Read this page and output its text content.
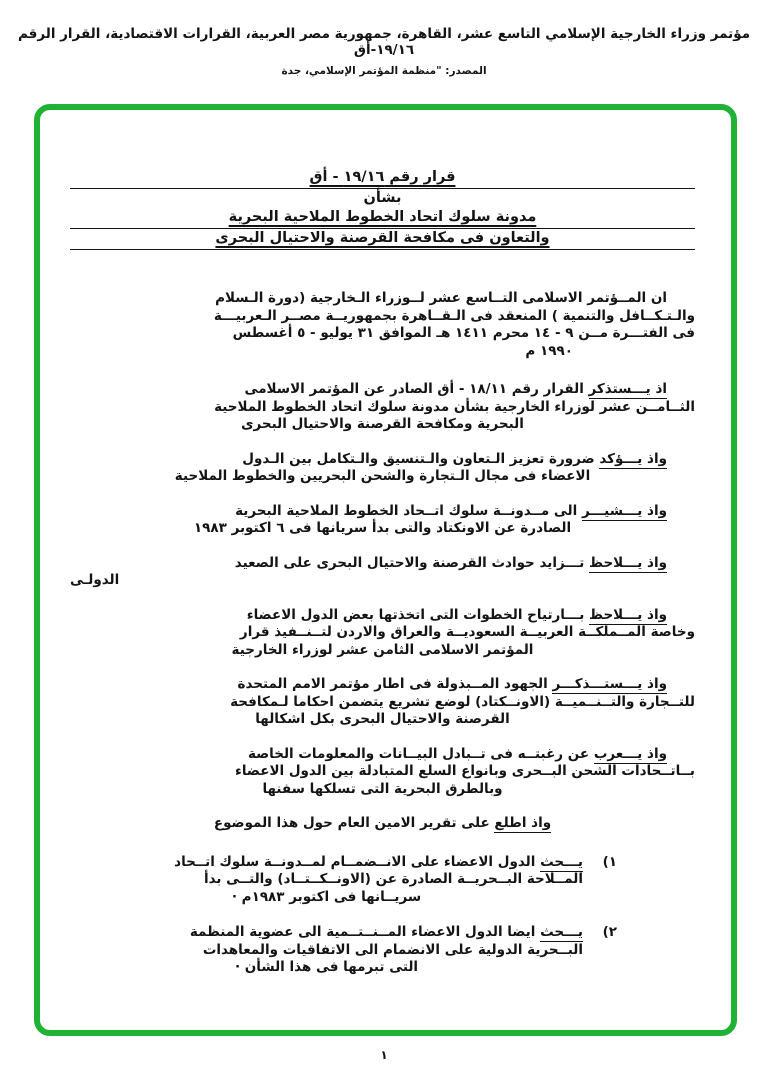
مؤتمر وزراء الخارجية الإسلامي التاسع عشر، القاهرة، جمهورية مصر العربية، القرارات الاقتصادية، القرار الرقم ١٩/١٦-أق
المصدر: "منظمة المؤتمر الإسلامي، جدة
قرار رقم ١٩/١٦ - أق
بشأن
مدونة سلوك اتحاد الخطوط الملاحية البحرية
والتعاون فى مكافحة القرصنة والاحتيال البحرى
ان المــؤتمر الاسلامى التــاسع عشر لــوزراء الـخارجية (دورة الـسلام
والـتـكــافل والتنمية ) المنعقد فى الـقــاهرة بجمهوريــة مصــر الـعربيـــة
فى الفتـــرة مــن ٩ - ١٤ محرم ١٤١١ هـ الموافق ٣١ يوليو - ٥ أغسطس
١٩٩٠ م
اذ يـــستذكر القرار رقم ١٨/١١ - أق الصادر عن المؤتمر الاسلامى
الثــامــن عشر لوزراء الخارجية بشأن مدونة سلوك اتحاد الخطوط الملاحية
البحرية ومكافحة القرصنة والاحتيال البحرى
واذ يـــؤكد ضرورة تعزيز الـتعاون والـتنسيق والـتكامل بين الـدول
الاعضاء فى مجال الـتجارة والشحن البحريين والخطوط الملاحية
واذ يـــشيـــر الى مــدونــة سلوك اتــحاد الخطوط الملاحية البحرية
الصادرة عن الاونكتاد والتى بدأ سريانها فى ٦ اكتوبر ١٩٨٣
واذ يـــلاحظ تـــزايد حوادث القرصنة والاحتيال البحرى على الصعيد
الدولـى
واذ يـــلاحظ بـــارتياح الخطوات التى اتخذتها بعض الدول الاعضاء
وخاصة المــملكــة العربيــة السعوديــة والعراق والاردن لتــنــفيذ قرار
المؤتمر الاسلامى الثامن عشر لوزراء الخارجية
واذ يـــستـــذكـــر الجهود المــبذولة فى اطار مؤتمر الامم المتحدة
للتــجارة والتــنــميــة (الاونــكتاد) لوضع تشريع يتضمن احكاما لـمكافحة
القرصنة والاحتيال البحرى بكل اشكالها
واذ يـــعرب عن رغبتــه فى تــبادل البيــانات والمعلومات الخاصة
بــاتــحادات الشحن البــحرى وبانواع السلع المتبادلة بين الدول الاعضاء
وبالطرق البحرية التى تسلكها سفنها
واذ اطلع على تقرير الامين العام حول هذا الموضوع
١)
يـــحث الدول الاعضاء على الانــضمــام لمــدونــة سلوك اتــحاد
المــلاحة البــحريــة الصادرة عن (الاونــكــتــاد) والتــى بدأ
سريــانها فى اكتوبر ١٩٨٣م ·
٢)
يـــحث ايضا الدول الاعضاء المــنــتــمية الى عضوية المنظمة
البــحرية الدولية على الانضمام الى الاتفاقيات والمعاهدات
التى تبرمها فى هذا الشأن ·
١
